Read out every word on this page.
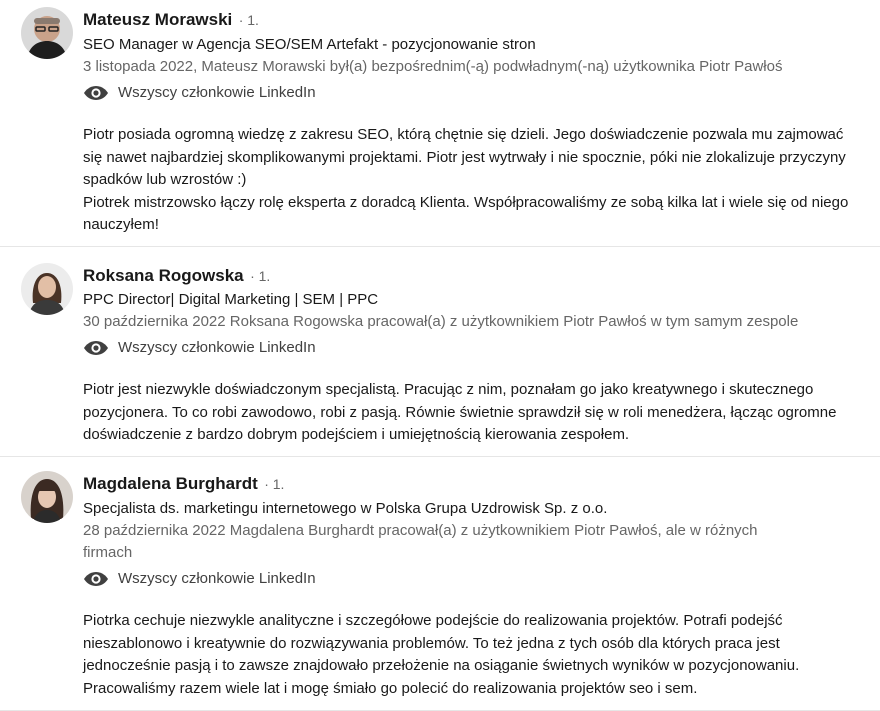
Mateusz Morawski · 1.
SEO Manager w Agencja SEO/SEM Artefakt - pozycjonowanie stron
3 listopada 2022, Mateusz Morawski był(a) bezpośrednim(-ą) podwładnym(-ną) użytkownika Piotr Pawłoś
Wszyscy członkowie LinkedIn

Piotr posiada ogromną wiedzę z zakresu SEO, którą chętnie się dzieli. Jego doświadczenie pozwala mu zajmować się nawet najbardziej skomplikowanymi projektami. Piotr jest wytrwały i nie spocznie, póki nie zlokalizuje przyczyny spadków lub wzrostów :)

Piotrek mistrzowsko łączy rolę eksperta z doradcą Klienta. Współpracowaliśmy ze sobą kilka lat i wiele się od niego nauczyłem!

Roksana Rogowska · 1.
PPC Director| Digital Marketing | SEM | PPC
30 października 2022 Roksana Rogowska pracował(a) z użytkownikiem Piotr Pawłoś w tym samym zespole
Wszyscy członkowie LinkedIn

Piotr jest niezwykle doświadczonym specjalistą. Pracując z nim, poznałam go jako kreatywnego i skutecznego pozycjonera. To co robi zawodowo, robi z pasją. Równie świetnie sprawdził się w roli menedżera, łącząc ogromne doświadczenie z bardzo dobrym podejściem i umiejętnością kierowania zespołem.

Magdalena Burghardt · 1.
Specjalista ds. marketingu internetowego w Polska Grupa Uzdrowisk Sp. z o.o.
28 października 2022 Magdalena Burghardt pracował(a) z użytkownikiem Piotr Pawłoś, ale w różnych firmach
Wszyscy członkowie LinkedIn

Piotrka cechuje niezwykle analityczne i szczegółowe podejście do realizowania projektów. Potrafi podejść nieszablonowo i kreatywnie do rozwiązywania problemów. To też jedna z tych osób dla których praca jest jednocześnie pasją i to zawsze znajdowało przełożenie na osiąganie świetnych wyników w pozycjonowaniu. Pracowaliśmy razem wiele lat i mogę śmiało go polecić do realizowania projektów seo i sem.
